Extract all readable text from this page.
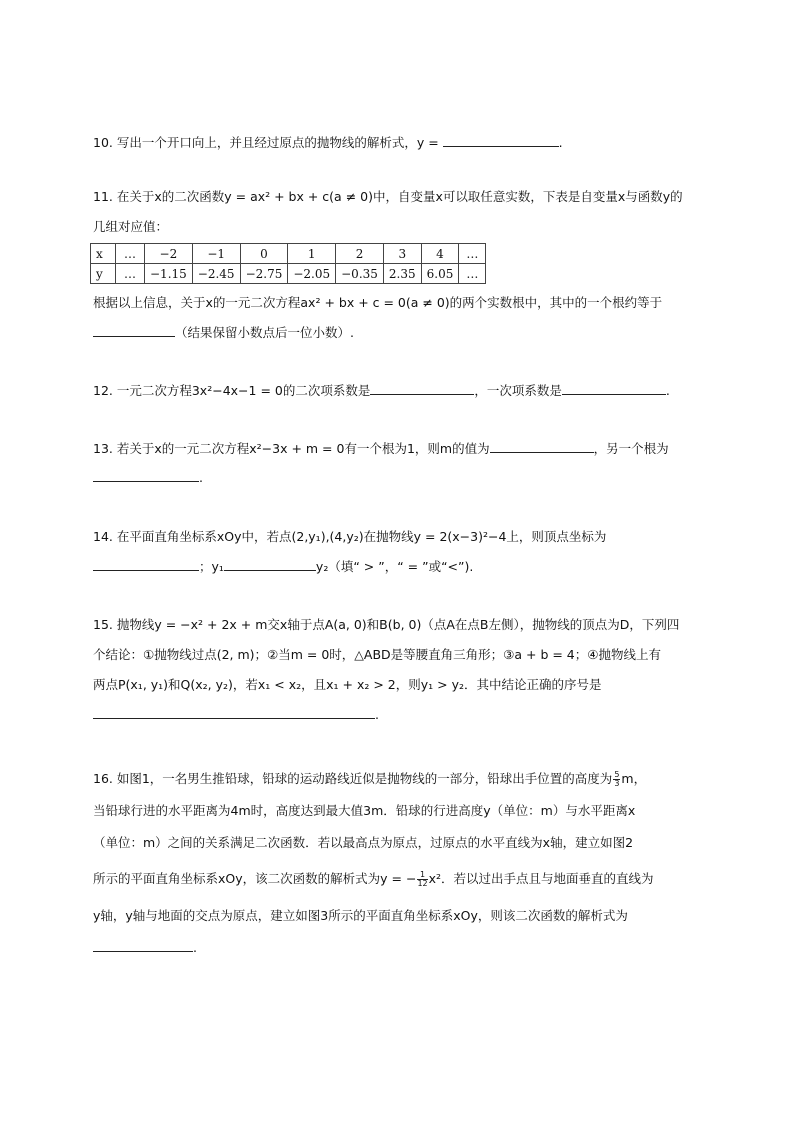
10. 写出一个开口向上，并且经过原点的抛物线的解析式，y =	.
11. 在关于x的二次函数y = ax² + bx + c(a ≠ 0)中，自变量x可以取任意实数，下表是自变量x与函数y的
几组对应值：
x	…	−2	−1	0	1	2	3	4	…
y	…	−1.15	−2.45	−2.75	−2.05	−0.35	2.35	6.05	…
根据以上信息，关于x的一元二次方程ax² + bx + c = 0(a ≠ 0)的两个实数根中，其中的一个根约等于
（结果保留小数点后一位小数）.
12. 一元二次方程3x²−4x−1 = 0的二次项系数是	，一次项系数是	.
13. 若关于x的一元二次方程x²−3x + m = 0有一个根为1，则m的值为	，另一个根为
.
14. 在平面直角坐标系xOy中，若点(2,y₁),(4,y₂)在抛物线y = 2(x−3)²−4上，则顶点坐标为
；y₁	y₂（填“ > ”，“ = ”或“<”).
15. 抛物线y = −x² + 2x + m交x轴于点A(a, 0)和B(b, 0)（点A在点B左侧），抛物线的顶点为D，下列四
个结论：①抛物线过点(2, m)；②当m = 0时，△ABD是等腰直角三角形；③a + b = 4；④抛物线上有
两点P(x₁, y₁)和Q(x₂, y₂)，若x₁ < x₂，且x₁ + x₂ > 2，则y₁ > y₂．其中结论正确的序号是
.
16. 如图1，一名男生推铅球，铅球的运动路线近似是抛物线的一部分，铅球出手位置的高度为 $\frac{5}{3}$ m，
当铅球行进的水平距离为4m时，高度达到最大值3m．铅球的行进高度y（单位：m）与水平距离x
（单位：m）之间的关系满足二次函数．若以最高点为原点，过原点的水平直线为x轴，建立如图2
所示的平面直角坐标系xOy，该二次函数的解析式为y = − $\frac{1}{12} x^2$．若以过出手点且与地面垂直的直线为
y轴，y轴与地面的交点为原点，建立如图3所示的平面直角坐标系xOy，则该二次函数的解析式为
.
